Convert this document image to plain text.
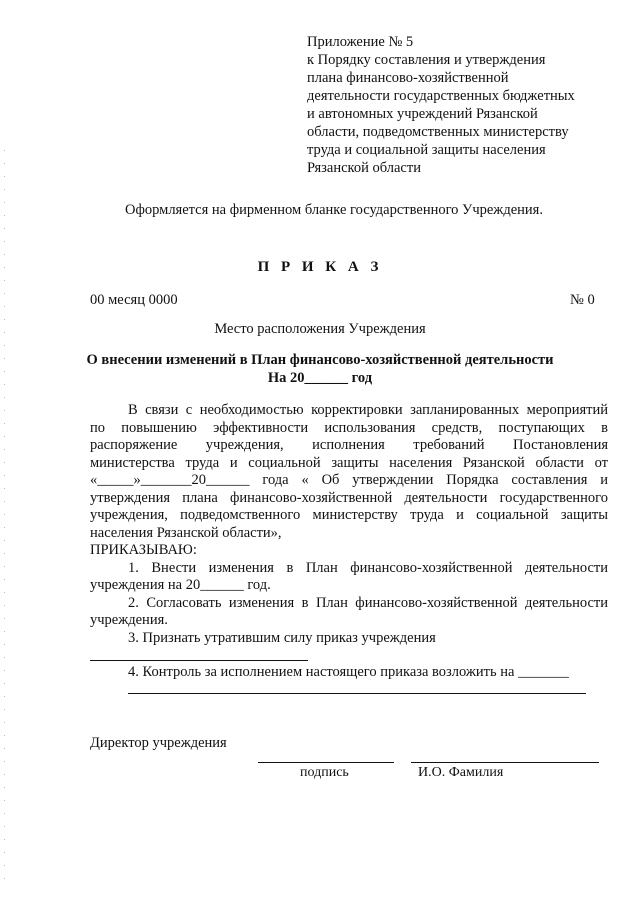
Приложение № 5
к Порядку составления и утверждения
плана финансово-хозяйственной
деятельности государственных бюджетных
и автономных учреждений Рязанской
области, подведомственных министерству
труда и социальной защиты населения
Рязанской области
Оформляется на фирменном бланке государственного Учреждения.
П Р И К А З
00 месяц 0000	№ 0
Место расположения Учреждения
О внесении изменений в План финансово-хозяйственной деятельности
На 20______ год
В связи с необходимостью корректировки запланированных мероприятий
по повышению эффективности использования средств, поступающих в
распоряжение учреждения, исполнения требований Постановления
министерства труда и социальной защиты населения Рязанской области от
«_____»_______20______ года « Об утверждении Порядка составления и
утверждения плана финансово-хозяйственной деятельности государственного
учреждения, подведомственного министерству труда и социальной защиты
населения Рязанской области»,
ПРИКАЗЫВАЮ:
1. Внести изменения в План финансово-хозяйственной деятельности
учреждения на 20______ год.
2. Согласовать изменения в План финансово-хозяйственной деятельности
учреждения.
3. Признать утратившим силу приказ учреждения
4. Контроль за исполнением настоящего приказа возложить на _______
Директор учреждения
подпись	И.О. Фамилия
